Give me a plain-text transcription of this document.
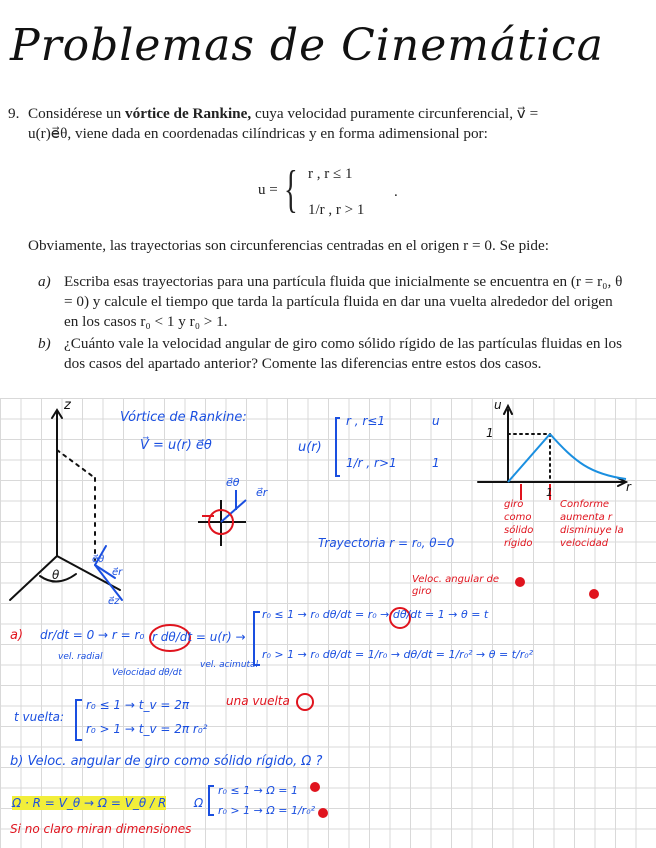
Problemas de Cinemática
9. Considérese un vórtice de Rankine, cuya velocidad puramente circunferencial, v⃗ =
u(r)e⃗θ, viene dada en coordenadas cilíndricas y en forma adimensional por:
u = { r , r ≤ 1
1/r , r > 1
.
Obviamente, las trayectorias son circunferencias centradas en el origen r = 0. Se pide:
a) Escriba esas trayectorias para una partícula fluida que inicialmente se encuentra en (r = r₀, θ = 0) y calcule el tiempo que tarda la partícula fluida en dar una vuelta alrededor del origen en los casos r₀ < 1 y r₀ > 1.
b) ¿Cuánto vale la velocidad angular de giro como sólido rígido de las partículas fluidas en los dos casos del apartado anterior? Comente las diferencias entre estos dos casos.
z
θ
e⃗θ
e⃗r
e⃗z
Vórtice de Rankine:
V⃗ = u(r) e⃗θ
e⃗θ
e⃗r
u(r)
r , r≤1
1/r , r>1
u
1
u
r
1
1
giro como sólido rígido
Conforme aumenta r disminuye la velocidad
Trayectoria r = r₀, θ=0
Veloc. angular de giro
a) dr/dt = 0 → r = r₀
vel. radial
r dθ/dt = u(r) →
vel. acimutal
Velocidad dθ/dt
r₀ ≤ 1 → r₀ dθ/dt = r₀ → dθ/dt = 1 → θ = t
r₀ > 1 → r₀ dθ/dt = 1/r₀ → dθ/dt = 1/r₀² → θ = t/r₀²
t vuelta:
r₀ ≤ 1 → t_v = 2π
r₀ > 1 → t_v = 2π r₀²
una vuelta
b) Veloc. angular de giro como sólido rígido, Ω ?
Ω · R = V_θ → Ω = V_θ / R Ω
r₀ ≤ 1 → Ω = 1
r₀ > 1 → Ω = 1/r₀²
Si no claro miran dimensiones
